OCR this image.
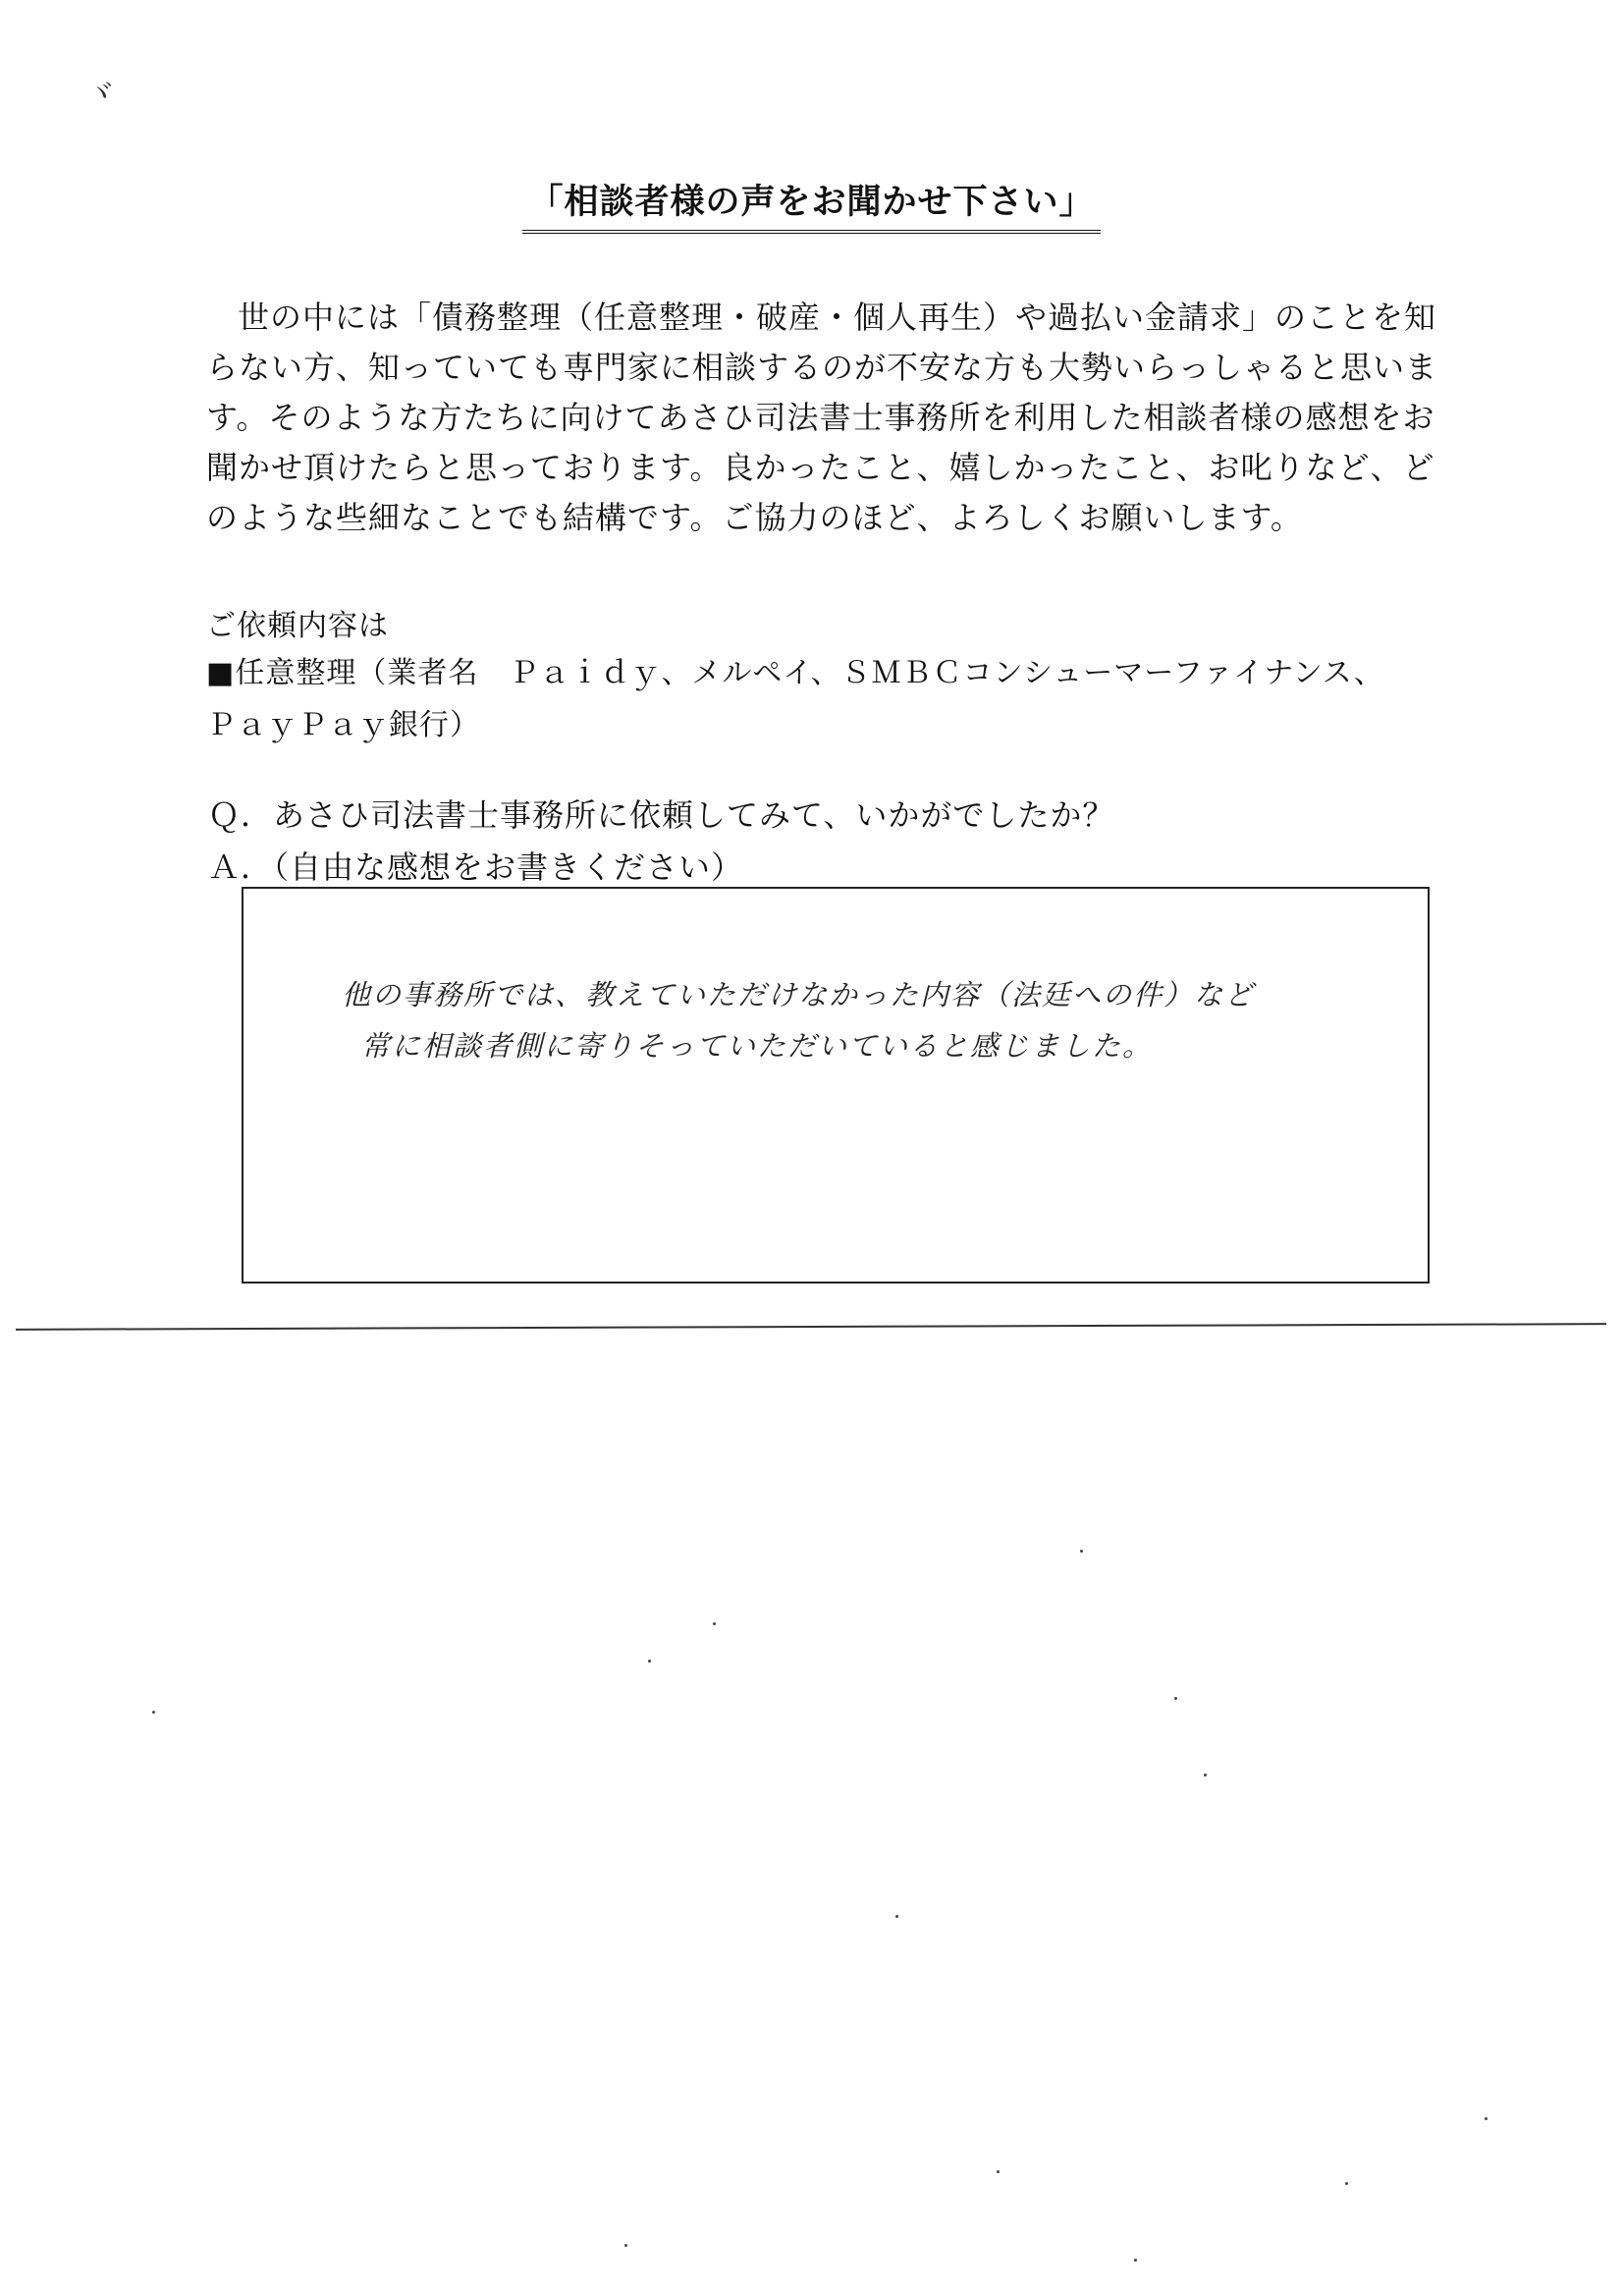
ヾ
「相談者様の声をお聞かせ下さい」

世の中には「債務整理（任意整理・破産・個人再生）や過払い金請求」のことを知らない方、知っていても専門家に相談するのが不安な方も大勢いらっしゃると思います。そのような方たちに向けてあさひ司法書士事務所を利用した相談者様の感想をお聞かせ頂けたらと思っております。良かったこと、嬉しかったこと、お叱りなど、どのような些細なことでも結構です。ご協力のほど、よろしくお願いします。

ご依頼内容は
■任意整理（業者名　Ｐａｉｄｙ、メルペイ、ＳＭＢＣコンシューマーファイナンス、
ＰａｙＰａｙ銀行）
Ｑ．あさひ司法書士事務所に依頼してみて、いかがでしたか？
Ａ．（自由な感想をお書きください）
他の事務所では、教えていただけなかった内容（法廷への件）など
常に相談者側に寄りそっていただいていると感じました。
